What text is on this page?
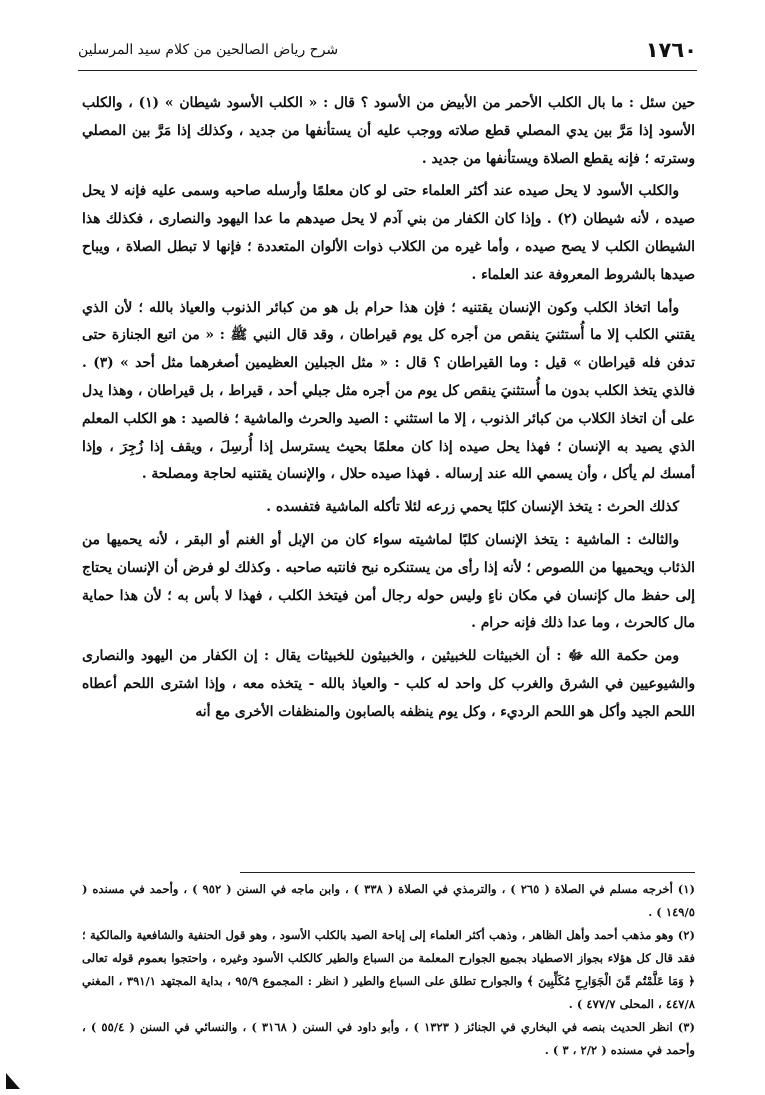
١٧٦٠
شرح رياض الصالحين من كلام سيد المرسلين

حين سئل : ما بال الكلب الأحمر من الأبيض من الأسود ؟ قال : « الكلب الأسود شيطان » (١) ، والكلب الأسود إذا مَرَّ بين يدي المصلي قطع صلاته ووجب عليه أن يستأنفها من جديد ، وكذلك إذا مَرَّ بين المصلي وسترته ؛ فإنه يقطع الصلاة ويستأنفها من جديد .

والكلب الأسود لا يحل صيده عند أكثر العلماء حتى لو كان معلمًا وأرسله صاحبه وسمى عليه فإنه لا يحل صيده ، لأنه شيطان (٢) . وإذا كان الكفار من بني آدم لا يحل صيدهم ما عدا اليهود والنصارى ، فكذلك هذا الشيطان الكلب لا يصح صيده ، وأما غيره من الكلاب ذوات الألوان المتعددة ؛ فإنها لا تبطل الصلاة ، ويباح صيدها بالشروط المعروفة عند العلماء .

وأما اتخاذ الكلب وكون الإنسان يقتنيه ؛ فإن هذا حرام بل هو من كبائر الذنوب والعياذ بالله ؛ لأن الذي يقتني الكلب إلا ما أُستثنيَ ينقص من أجره كل يوم قيراطان ، وقد قال النبي ﷺ : « من اتبع الجنازة حتى تدفن فله قيراطان » قيل : وما القيراطان ؟ قال : « مثل الجبلين العظيمين أصغرهما مثل أحد » (٣) . فالذي يتخذ الكلب بدون ما أُستثنيَ ينقص كل يوم من أجره مثل جبلي أحد ، قيراط ، بل قيراطان ، وهذا يدل على أن اتخاذ الكلاب من كبائر الذنوب ، إلا ما استثني : الصيد والحرث والماشية ؛ فالصيد : هو الكلب المعلم الذي يصيد به الإنسان ؛ فهذا يحل صيده إذا كان معلمًا بحيث يسترسل إذا أُرسِلَ ، ويقف إذا زُجِرَ ، وإذا أمسك لم يأكل ، وأن يسمي الله عند إرساله . فهذا صيده حلال ، والإنسان يقتنيه لحاجة ومصلحة .

كذلك الحرث : يتخذ الإنسان كلبًا يحمي زرعه لئلا تأكله الماشية فتفسده .

والثالث : الماشية : يتخذ الإنسان كلبًا لماشيته سواء كان من الإبل أو الغنم أو البقر ، لأنه يحميها من الذئاب ويحميها من اللصوص ؛ لأنه إذا رأى من يستنكره نبح فانتبه صاحبه . وكذلك لو فرض أن الإنسان يحتاج إلى حفظ مال كإنسان في مكان ناءٍ وليس حوله رجال أمن فيتخذ الكلب ، فهذا لا بأس به ؛ لأن هذا حماية مال كالحرث ، وما عدا ذلك فإنه حرام .

ومن حكمة الله ﷻ : أن الخبيثات للخبيثين ، والخبيثون للخبيثات يقال : إن الكفار من اليهود والنصارى والشيوعيين في الشرق والغرب كل واحد له كلب - والعياذ بالله - يتخذه معه ، وإذا اشترى اللحم أعطاه اللحم الجيد وأكل هو اللحم الرديء ، وكل يوم ينظفه بالصابون والمنظفات الأخرى مع أنه

(١) أخرجه مسلم في الصلاة ( ٢٦٥ ) ، والترمذي في الصلاة ( ٣٣٨ ) ، وابن ماجه في السنن ( ٩٥٢ ) ، وأحمد في مسنده ( ١٤٩/٥ ) .

(٢) وهو مذهب أحمد وأهل الظاهر ، وذهب أكثر العلماء إلى إباحة الصيد بالكلب الأسود ، وهو قول الحنفية والشافعية والمالكية ؛ فقد قال كل هؤلاء بجواز الاصطياد بجميع الجوارح المعلمة من السباع والطير كالكلب الأسود وغيره ، واحتجوا بعموم قوله تعالى ﴿ وَمَا عَلَّمْتُم مِّنَ الْجَوَارِحِ مُكَلِّبِينَ ﴾ والجوارح تطلق على السباع والطير ( انظر : المجموع ٩٥/٩ ، بداية المجتهد ٣٩١/١ ، المغني ٤٤٧/٨ ، المحلى ٤٧٧/٧ ) .

(٣) انظر الحديث بنصه في البخاري في الجنائز ( ١٣٢٣ ) ، وأبو داود في السنن ( ٣١٦٨ ) ، والنسائي في السنن ( ٥٥/٤ ) ، وأحمد في مسنده ( ٢/٢ ، ٣ ) .
